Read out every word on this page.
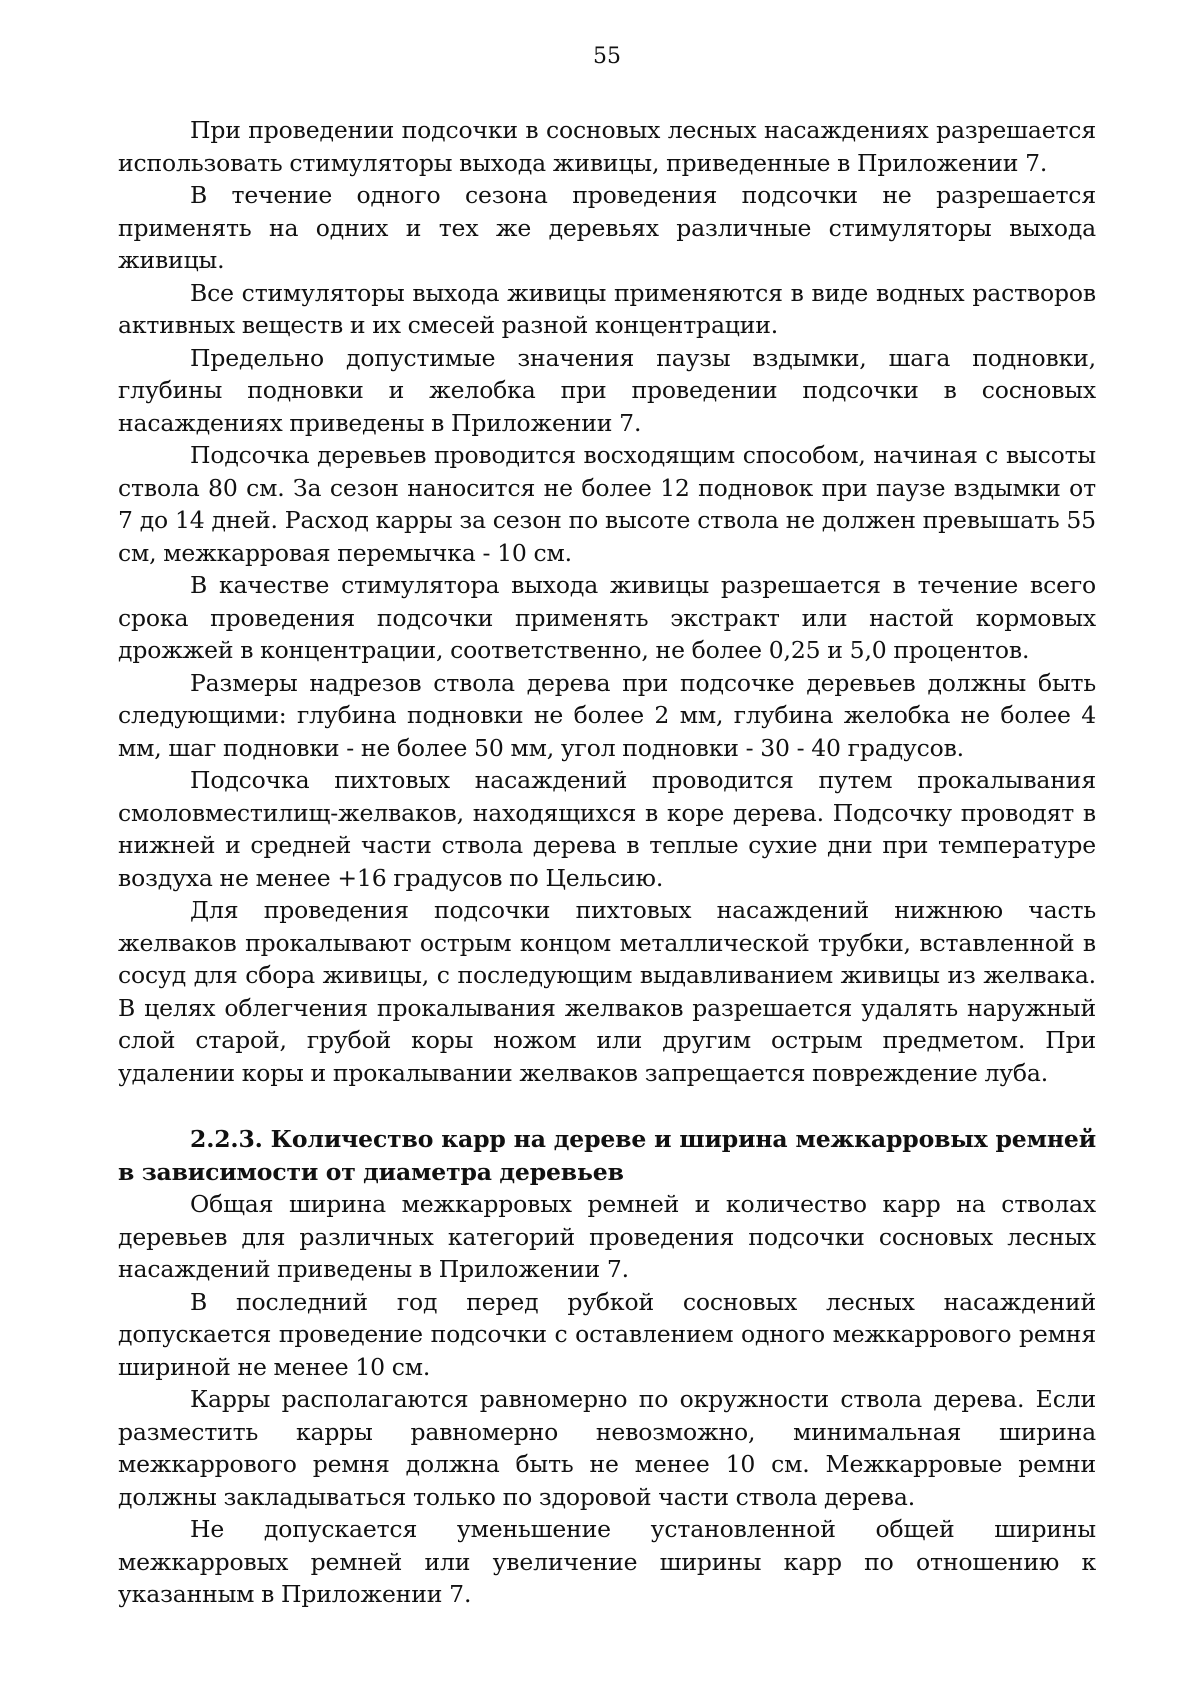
55

При проведении подсочки в сосновых лесных насаждениях разрешается использовать стимуляторы выхода живицы, приведенные в Приложении 7.

В течение одного сезона проведения подсочки не разрешается применять на одних и тех же деревьях различные стимуляторы выхода живицы.

Все стимуляторы выхода живицы применяются в виде водных растворов активных веществ и их смесей разной концентрации.

Предельно допустимые значения паузы вздымки, шага подновки, глубины подновки и желобка при проведении подсочки в сосновых насаждениях приведены в Приложении 7.

Подсочка деревьев проводится восходящим способом, начиная с высоты ствола 80 см. За сезон наносится не более 12 подновок при паузе вздымки от 7 до 14 дней. Расход карры за сезон по высоте ствола не должен превышать 55 см, межкарровая перемычка - 10 см.

В качестве стимулятора выхода живицы разрешается в течение всего срока проведения подсочки применять экстракт или настой кормовых дрожжей в концентрации, соответственно, не более 0,25 и 5,0 процентов.

Размеры надрезов ствола дерева при подсочке деревьев должны быть следующими: глубина подновки не более 2 мм, глубина желобка не более 4 мм, шаг подновки - не более 50 мм, угол подновки - 30 - 40 градусов.

Подсочка пихтовых насаждений проводится путем прокалывания смоловместилищ-желваков, находящихся в коре дерева. Подсочку проводят в нижней и средней части ствола дерева в теплые сухие дни при температуре воздуха не менее +16 градусов по Цельсию.

Для проведения подсочки пихтовых насаждений нижнюю часть желваков прокалывают острым концом металлической трубки, вставленной в сосуд для сбора живицы, с последующим выдавливанием живицы из желвака. В целях облегчения прокалывания желваков разрешается удалять наружный слой старой, грубой коры ножом или другим острым предметом. При удалении коры и прокалывании желваков запрещается повреждение луба.

2.2.3. Количество карр на дереве и ширина межкарровых ремней в зависимости от диаметра деревьев

Общая ширина межкарровых ремней и количество карр на стволах деревьев для различных категорий проведения подсочки сосновых лесных насаждений приведены в Приложении 7.

В последний год перед рубкой сосновых лесных насаждений допускается проведение подсочки с оставлением одного межкаррового ремня шириной не менее 10 см.

Карры располагаются равномерно по окружности ствола дерева. Если разместить карры равномерно невозможно, минимальная ширина межкаррового ремня должна быть не менее 10 см. Межкарровые ремни должны закладываться только по здоровой части ствола дерева.

Не допускается уменьшение установленной общей ширины межкарровых ремней или увеличение ширины карр по отношению к указанным в Приложении 7.
